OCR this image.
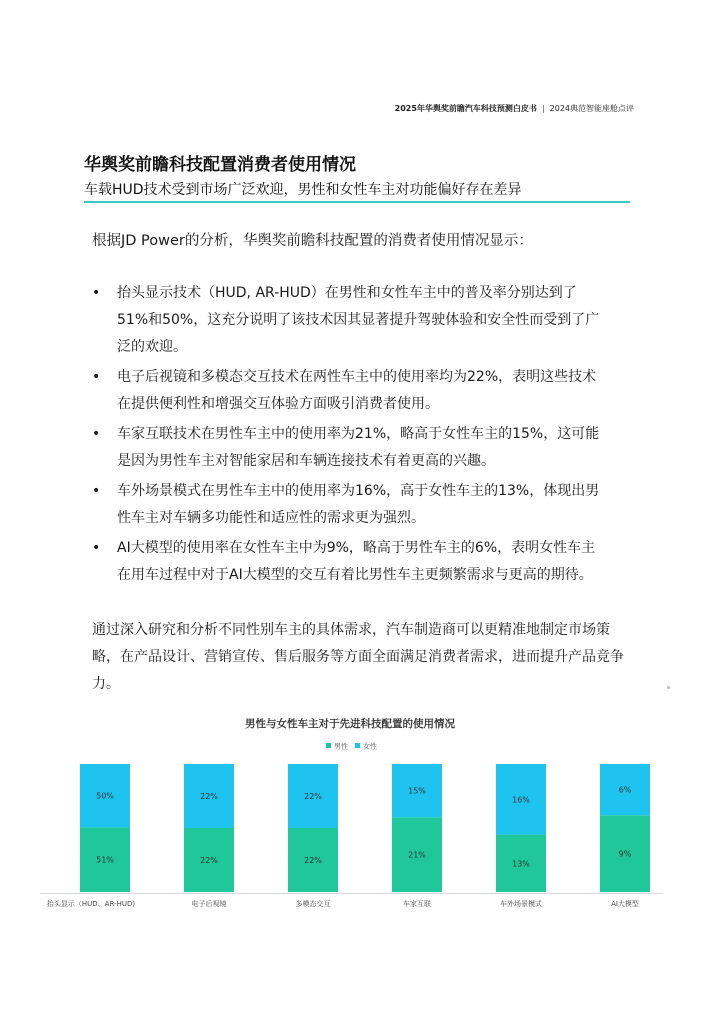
2025年华舆奖前瞻汽车科技预测白皮书 | 2024典范智能座舱点评
华舆奖前瞻科技配置消费者使用情况
车载HUD技术受到市场广泛欢迎，男性和女性车主对功能偏好存在差异
根据JD Power的分析，华舆奖前瞻科技配置的消费者使用情况显示：
• 抬头显示技术（HUD, AR-HUD）在男性和女性车主中的普及率分别达到了51%和50%，这充分说明了该技术因其显著提升驾驶体验和安全性而受到了广泛的欢迎。
• 电子后视镜和多模态交互技术在两性车主中的使用率均为22%，表明这些技术在提供便利性和增强交互体验方面吸引消费者使用。
• 车家互联技术在男性车主中的使用率为21%，略高于女性车主的15%，这可能是因为男性车主对智能家居和车辆连接技术有着更高的兴趣。
• 车外场景模式在男性车主中的使用率为16%，高于女性车主的13%，体现出男性车主对车辆多功能性和适应性的需求更为强烈。
• AI大模型的使用率在女性车主中为9%，略高于男性车主的6%，表明女性车主在用车过程中对于AI大模型的交互有着比男性车主更频繁需求与更高的期待。
通过深入研究和分析不同性别车主的具体需求，汽车制造商可以更精准地制定市场策略，在产品设计、营销宣传、售后服务等方面全面满足消费者需求，进而提升产品竞争力。
男性与女性车主对于先进科技配置的使用情况
男性 女性
51%
50%
22%
22%
22%
22%
21%
15%
13%
16%
9%
6%
抬头显示（HUD、AR-HUD)	电子后视镜	多模态交互	车家互联	车外场景模式	AI大模型
